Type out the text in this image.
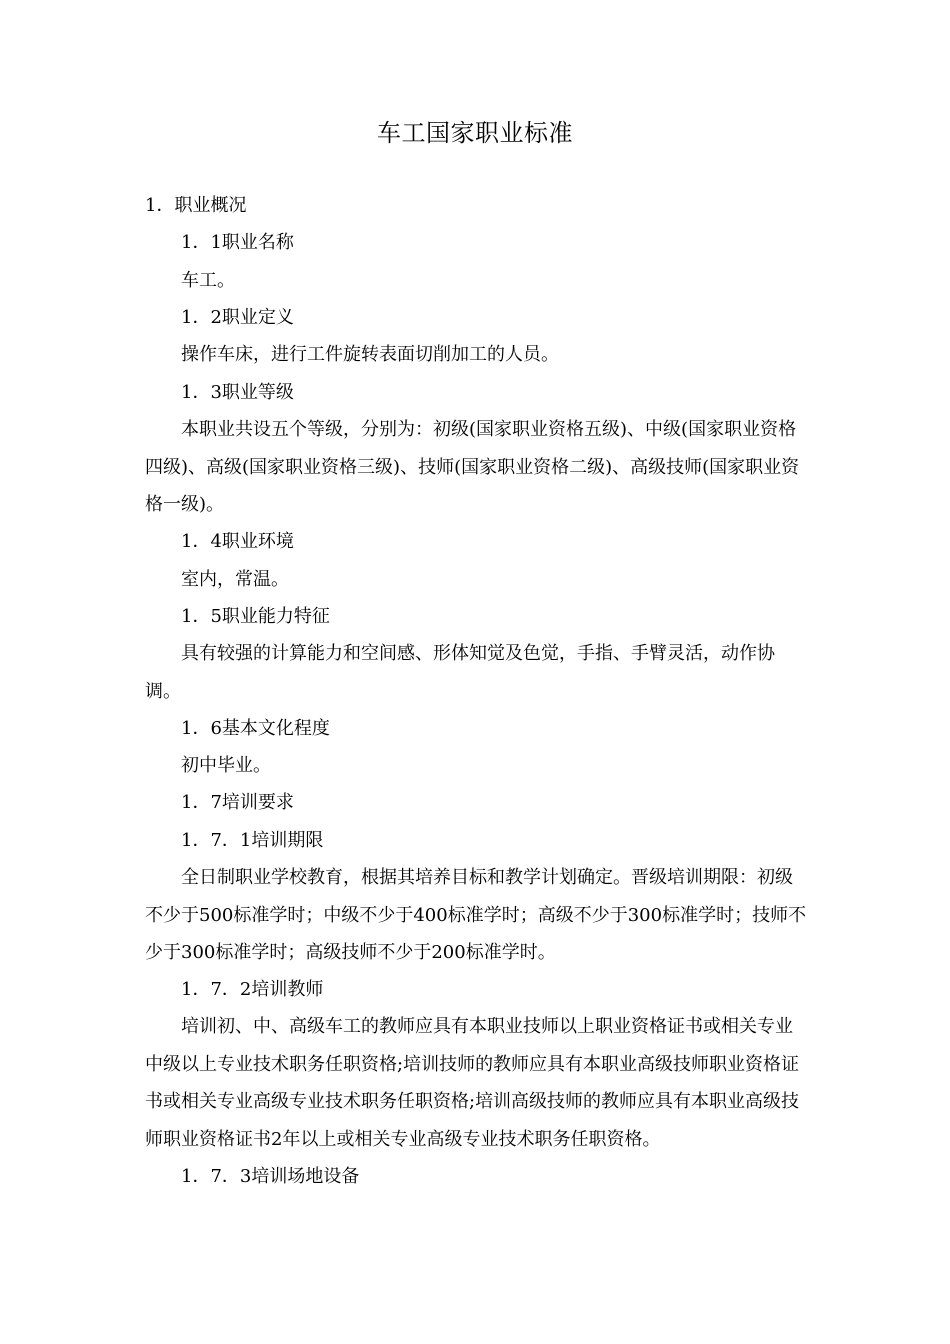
车工国家职业标准
1．职业概况
1．1职业名称
车工。
1．2职业定义
操作车床，进行工件旋转表面切削加工的人员。
1．3职业等级
本职业共设五个等级，分别为：初级(国家职业资格五级)、中级(国家职业资格四级)、高级(国家职业资格三级)、技师(国家职业资格二级)、高级技师(国家职业资格一级)。
1．4职业环境
室内，常温。
1．5职业能力特征
具有较强的计算能力和空间感、形体知觉及色觉，手指、手臂灵活，动作协调。
1．6基本文化程度
初中毕业。
1．7培训要求
1．7．1培训期限
全日制职业学校教育，根据其培养目标和教学计划确定。晋级培训期限：初级不少于500标准学时；中级不少于400标准学时；高级不少于300标准学时；技师不少于300标准学时；高级技师不少于200标准学时。
1．7．2培训教师
培训初、中、高级车工的教师应具有本职业技师以上职业资格证书或相关专业中级以上专业技术职务任职资格;培训技师的教师应具有本职业高级技师职业资格证书或相关专业高级专业技术职务任职资格;培训高级技师的教师应具有本职业高级技师职业资格证书2年以上或相关专业高级专业技术职务任职资格。
1．7．3培训场地设备
